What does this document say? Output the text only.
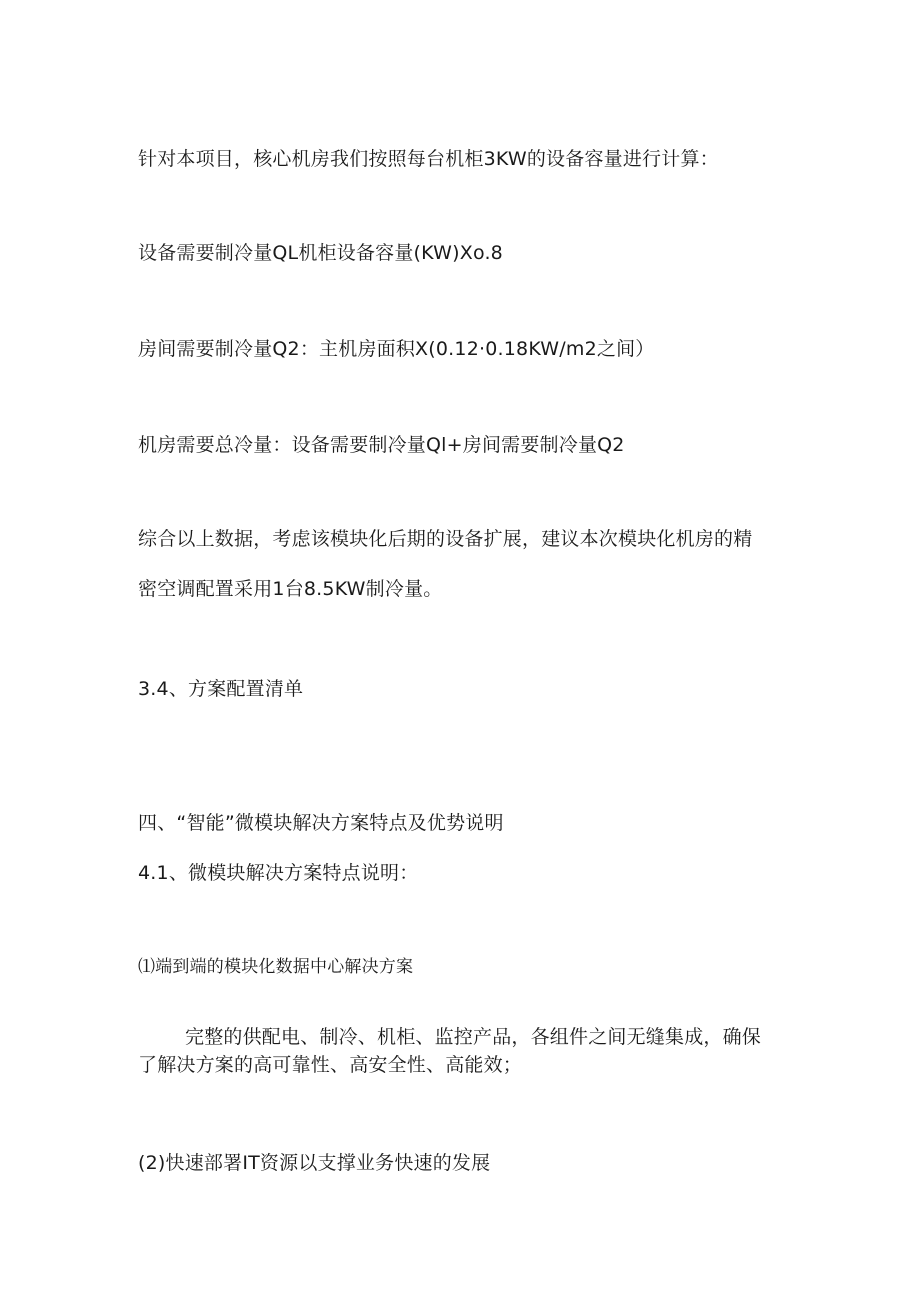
针对本项目，核心机房我们按照每台机柜3KW的设备容量进行计算：
设备需要制冷量QL机柜设备容量(KW)Xo.8
房间需要制冷量Q2：主机房面积X(0.12·0.18KW/m2之间）
机房需要总冷量：设备需要制冷量Ql+房间需要制冷量Q2
综合以上数据，考虑该模块化后期的设备扩展，建议本次模块化机房的精
密空调配置采用1台8.5KW制冷量。
3.4、方案配置清单
四、“智能”微模块解决方案特点及优势说明
4.1、微模块解决方案特点说明：
⑴端到端的模块化数据中心解决方案
完整的供配电、制冷、机柜、监控产品，各组件之间无缝集成，确保
了解决方案的高可靠性、高安全性、高能效；
(2)快速部署IT资源以支撑业务快速的发展
